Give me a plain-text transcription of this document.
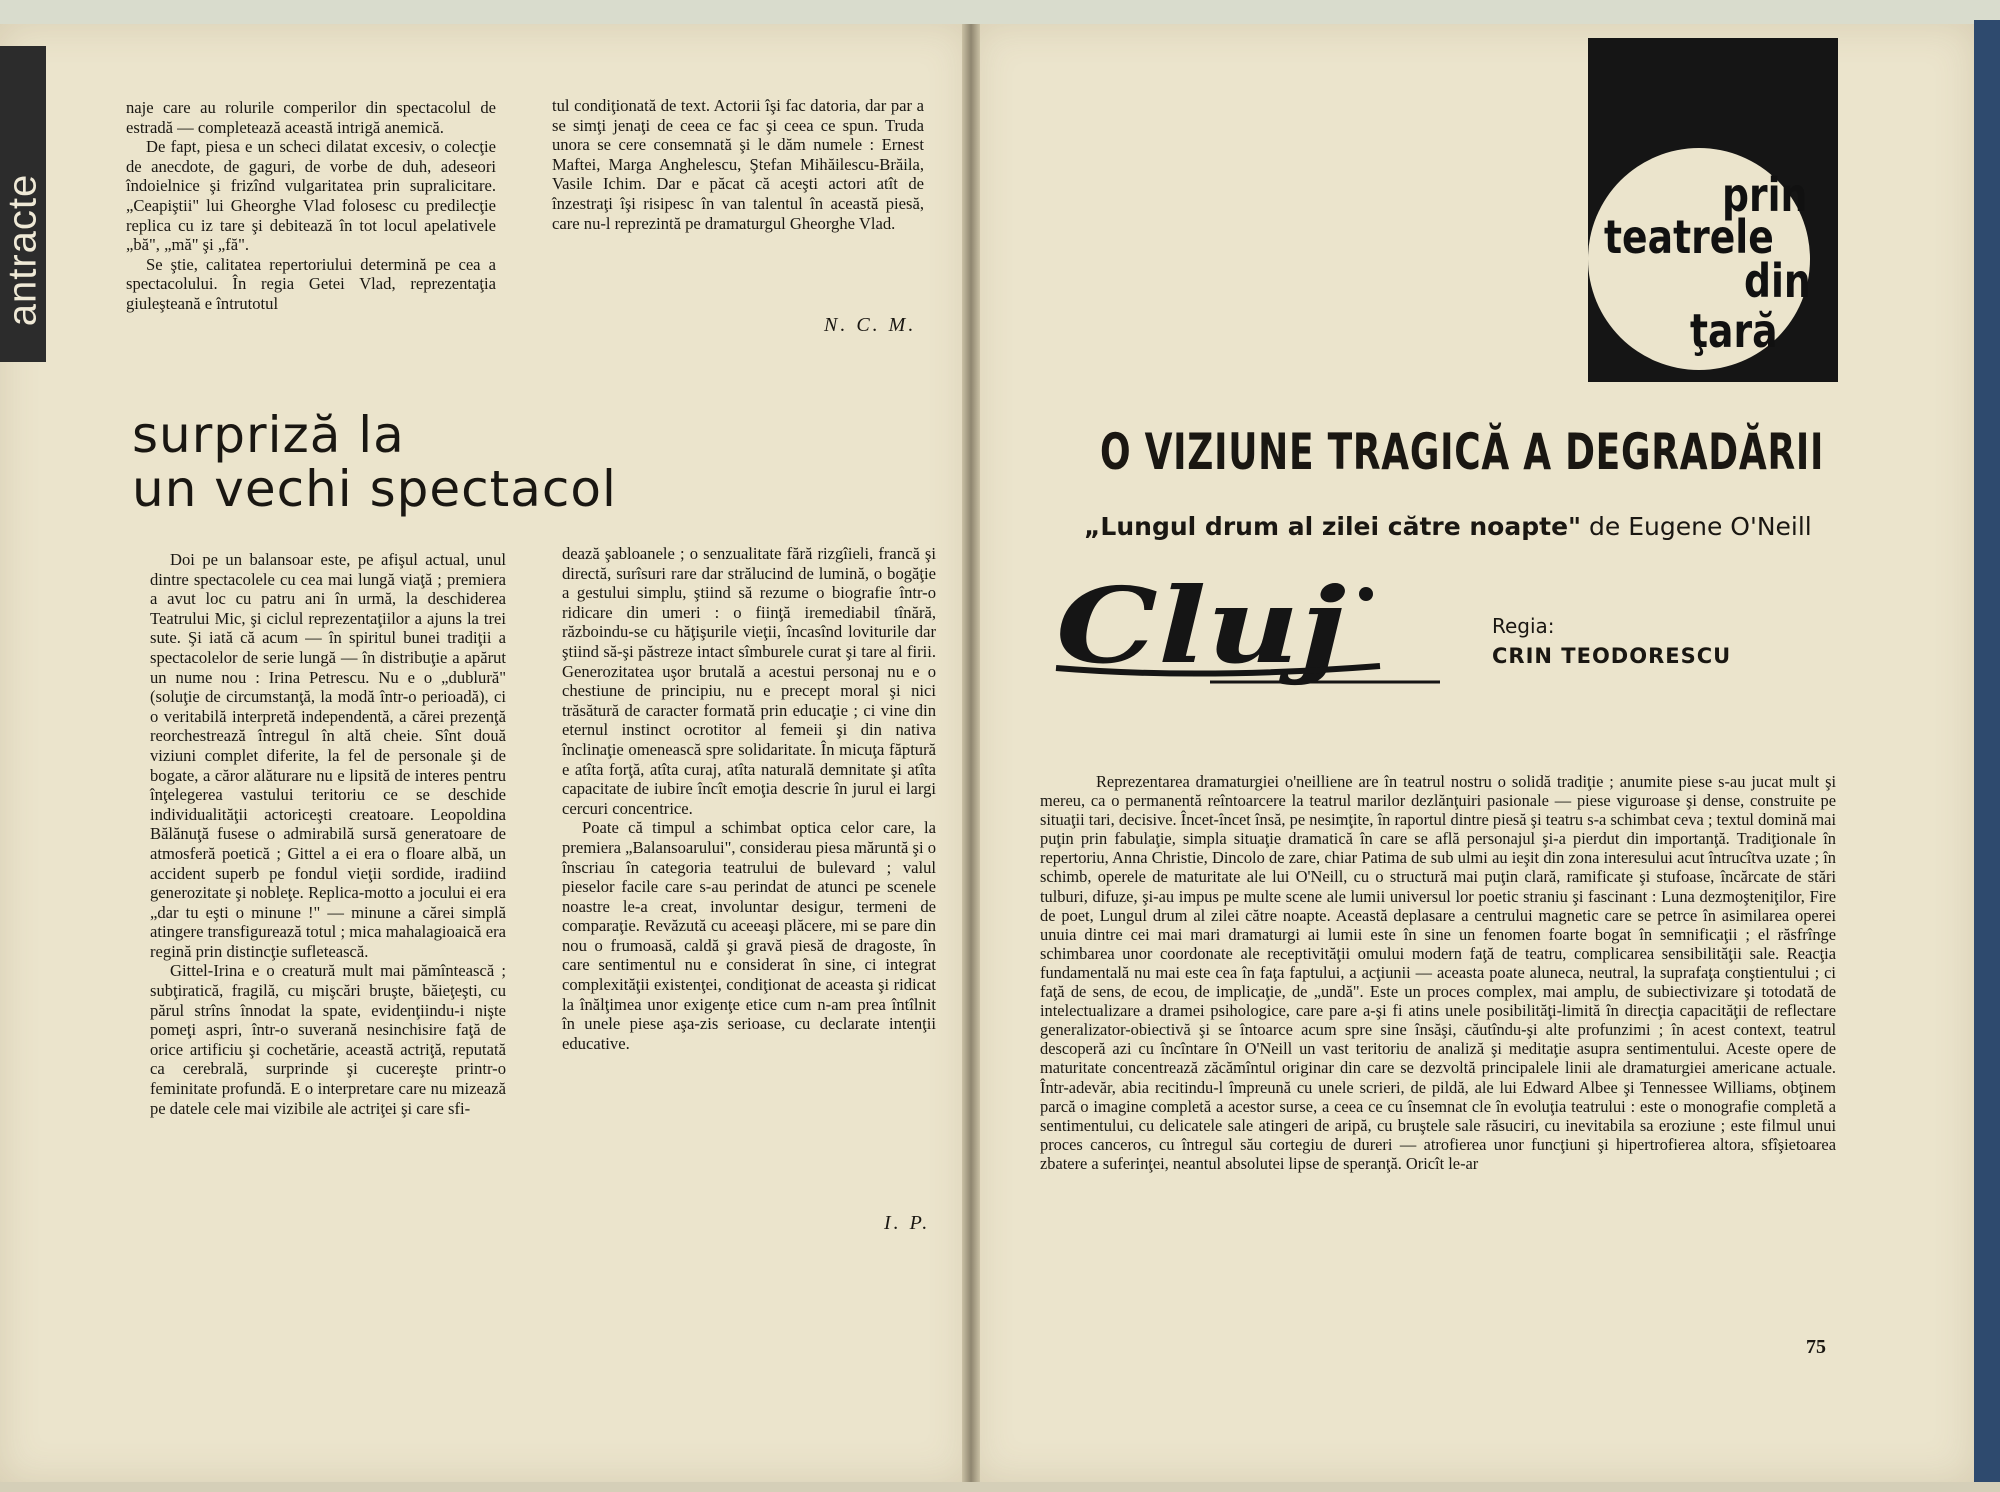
antracte

naje care au rolurile comperilor din spectacolul de estradă — completează această intrigă anemică.

De fapt, piesa e un scheci dilatat excesiv, o colecţie de anecdote, de gaguri, de vorbe de duh, adeseori îndoielnice şi frizînd vulgaritatea prin supralicitare. „Ceapiştii" lui Gheorghe Vlad folosesc cu predilecţie replica cu iz tare şi debitează în tot locul apelativele „bă", „mă" şi „fă".

Se ştie, calitatea repertoriului determină pe cea a spectacolului. În regia Getei Vlad, reprezentaţia giuleşteană e întrutotul

tul condiţionată de text. Actorii îşi fac datoria, dar par a se simţi jenaţi de ceea ce fac şi ceea ce spun. Truda unora se cere consemnată şi le dăm numele : Ernest Maftei, Marga Anghelescu, Ştefan Mihăilescu-Brăila, Vasile Ichim. Dar e păcat că aceşti actori atît de înzestraţi îşi risipesc în van talentul în această piesă, care nu-l reprezintă pe dramaturgul Gheorghe Vlad.

N. C. M.
surpriză la
un vechi spectacol

Doi pe un balansoar este, pe afişul actual, unul dintre spectacolele cu cea mai lungă viaţă ; premiera a avut loc cu patru ani în urmă, la deschiderea Teatrului Mic, şi ciclul reprezentaţiilor a ajuns la trei sute. Şi iată că acum — în spiritul bunei tradiţii a spectacolelor de serie lungă — în distribuţie a apărut un nume nou : Irina Petrescu. Nu e o „dublură" (soluţie de circumstanţă, la modă într-o perioadă), ci o veritabilă interpretă independentă, a cărei prezenţă reorchestrează întregul în altă cheie. Sînt două viziuni complet diferite, la fel de personale şi de bogate, a căror alăturare nu e lipsită de interes pentru înţelegerea vastului teritoriu ce se deschide individualităţii actoriceşti creatoare. Leopoldina Bălănuţă fusese o admirabilă sursă generatoare de atmosferă poetică ; Gittel a ei era o floare albă, un accident superb pe fondul vieţii sordide, iradiind generozitate şi nobleţe. Replica-motto a jocului ei era „dar tu eşti o minune !" — minune a cărei simplă atingere transfigurează totul ; mica mahalagioaică era regină prin distincţie sufletească.

Gittel-Irina e o creatură mult mai pămîntească ; subţiratică, fragilă, cu mişcări bruşte, băieţeşti, cu părul strîns înnodat la spate, evidenţiindu-i nişte pomeţi aspri, într-o suverană nesinchisire faţă de orice artificiu şi cochetărie, această actriţă, reputată ca cerebrală, surprinde şi cucereşte printr-o feminitate profundă. E o interpretare care nu mizează pe datele cele mai vizibile ale actriţei şi care sfi-

dează şabloanele ; o senzualitate fără rizgîieli, francă şi directă, surîsuri rare dar strălucind de lumină, o bogăţie a gestului simplu, ştiind să rezume o biografie într-o ridicare din umeri : o fiinţă iremediabil tînără, războindu-se cu hăţişurile vieţii, încasînd loviturile dar ştiind să-şi păstreze intact sîmburele curat şi tare al firii. Generozitatea uşor brutală a acestui personaj nu e o chestiune de principiu, nu e precept moral şi nici trăsătură de caracter formată prin educaţie ; ci vine din eternul instinct ocrotitor al femeii şi din nativa înclinaţie omenească spre solidaritate. În micuţa făptură e atîta forţă, atîta curaj, atîta naturală demnitate şi atîta capacitate de iubire încît emoţia descrie în jurul ei largi cercuri concentrice.

Poate că timpul a schimbat optica celor care, la premiera „Balansoarului", considerau piesa măruntă şi o înscriau în categoria teatrului de bulevard ; valul pieselor facile care s-au perindat de atunci pe scenele noastre le-a creat, involuntar desigur, termeni de comparaţie. Revăzută cu aceeaşi plăcere, mi se pare din nou o frumoasă, caldă şi gravă piesă de dragoste, în care sentimentul nu e considerat în sine, ci integrat complexităţii existenţei, condiţionat de aceasta şi ridicat la înălţimea unor exigenţe etice cum n-am prea întîlnit în unele piese aşa-zis serioase, cu declarate intenţii educative.

I. P.
prin
teatrele
din
ţară
O VIZIUNE TRAGICĂ A DEGRADĂRII
„Lungul drum al zilei către noapte" de Eugene O'Neill
Cluj	Regia:
CRIN TEODORESCU

Reprezentarea dramaturgiei o'neilliene are în teatrul nostru o solidă tradiţie ; anumite piese s-au jucat mult şi mereu, ca o permanentă reîntoarcere la teatrul marilor dezlănţuiri pasionale — piese viguroase şi dense, construite pe situaţii tari, decisive. Încet-încet însă, pe nesimţite, în raportul dintre piesă şi teatru s-a schimbat ceva ; textul domină mai puţin prin fabulaţie, simpla situaţie dramatică în care se află personajul şi-a pierdut din importanţă. Tradiţionale în repertoriu, Anna Christie, Dincolo de zare, chiar Patima de sub ulmi au ieşit din zona interesului acut întrucîtva uzate ; în schimb, operele de maturitate ale lui O'Neill, cu o structură mai puţin clară, ramificate şi stufoase, încărcate de stări tulburi, difuze, şi-au impus pe multe scene ale lumii universul lor poetic straniu şi fascinant : Luna dezmoşteniţilor, Fire de poet, Lungul drum al zilei către noapte. Această deplasare a centrului magnetic care se petrce în asimilarea operei unuia dintre cei mai mari dramaturgi ai lumii este în sine un fenomen foarte bogat în semnificaţii ; el răsfrînge schimbarea unor coordonate ale receptivităţii omului modern faţă de teatru, complicarea sensibilităţii sale. Reacţia fundamentală nu mai este cea în faţa faptului, a acţiunii — aceasta poate aluneca, neutral, la suprafaţa conştientului ; ci faţă de sens, de ecou, de implicaţie, de „undă". Este un proces complex, mai amplu, de subiectivizare şi totodată de intelectualizare a dramei psihologice, care pare a-şi fi atins unele posibilităţi-limită în direcţia capacităţii de reflectare generalizator-obiectivă şi se întoarce acum spre sine însăşi, căutîndu-şi alte profunzimi ; în acest context, teatrul descoperă azi cu încîntare în O'Neill un vast teritoriu de analiză şi meditaţie asupra sentimentului. Aceste opere de maturitate concentrează zăcămîntul originar din care se dezvoltă principalele linii ale dramaturgiei americane actuale. Într-adevăr, abia recitindu-l împreună cu unele scrieri, de pildă, ale lui Edward Albee şi Tennessee Williams, obţinem parcă o imagine completă a acestor surse, a ceea ce cu însemnat cle în evoluţia teatrului : este o monografie completă a sentimentului, cu delicatele sale atingeri de aripă, cu bruştele sale răsuciri, cu inevitabila sa eroziune ; este filmul unui proces canceros, cu întregul său cortegiu de dureri — atrofierea unor funcţiuni şi hipertrofierea altora, sfîşietoarea zbatere a suferinţei, neantul absolutei lipse de speranţă. Oricît le-ar

75
